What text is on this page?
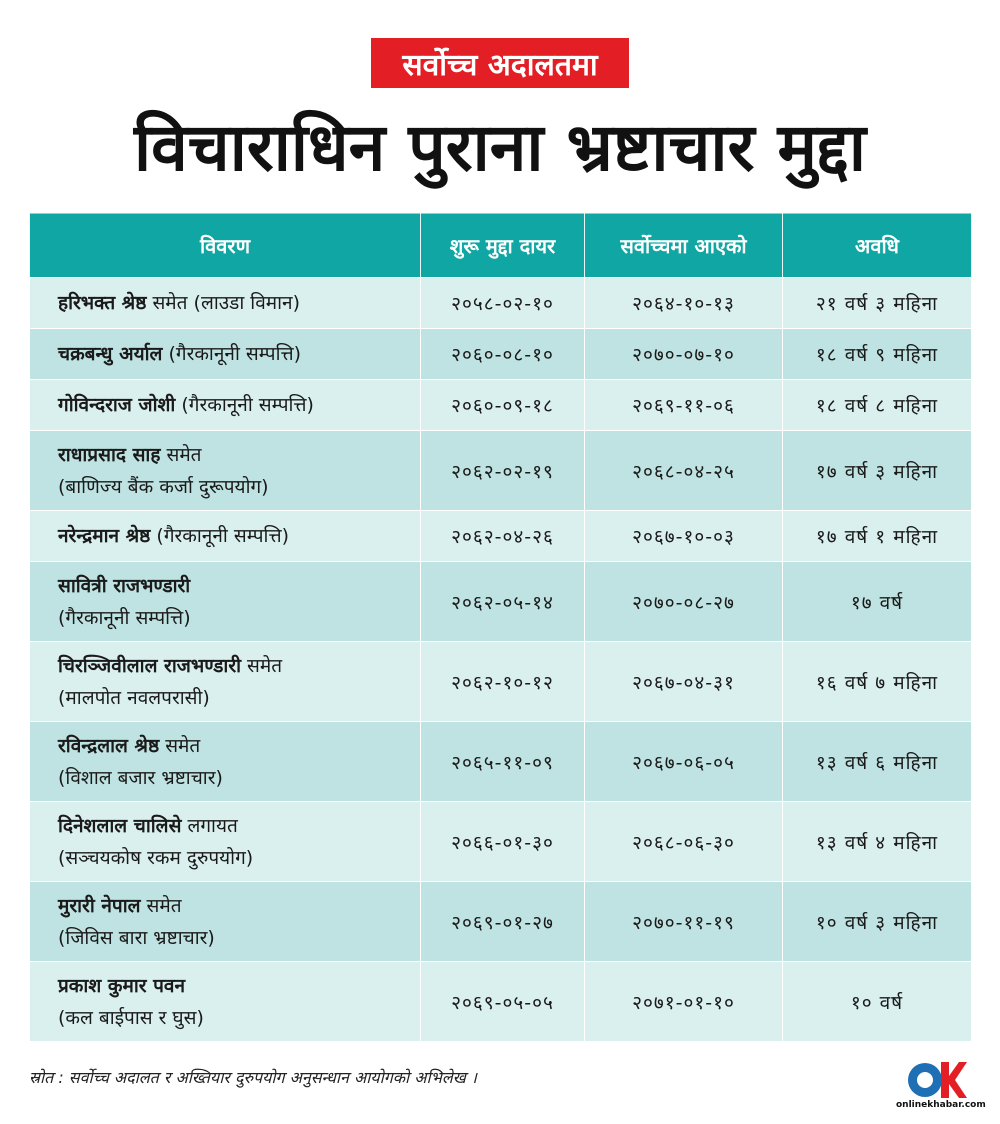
सर्वोच्च अदालतमा
विचाराधिन पुराना भ्रष्टाचार मुद्दा
विवरण	शुरू मुद्दा दायर	सर्वोच्चमा आएको	अवधि
हरिभक्त श्रेष्ठ समेत (लाउडा विमान)	२०५८-०२-१०	२०६४-१०-१३	२१ वर्ष ३ महिना
चक्रबन्धु अर्याल (गैरकानूनी सम्पत्ति)	२०६०-०८-१०	२०७०-०७-१०	१८ वर्ष ९ महिना
गोविन्दराज जोशी (गैरकानूनी सम्पत्ति)	२०६०-०९-१८	२०६९-११-०६	१८ वर्ष ८ महिना
राधाप्रसाद साह समेत
(बाणिज्य बैंक कर्जा दुरूपयोग)	२०६२-०२-१९	२०६८-०४-२५	१७ वर्ष ३ महिना
नरेन्द्रमान श्रेष्ठ (गैरकानूनी सम्पत्ति)	२०६२-०४-२६	२०६७-१०-०३	१७ वर्ष १ महिना
सावित्री राजभण्डारी
(गैरकानूनी सम्पत्ति)	२०६२-०५-१४	२०७०-०८-२७	१७ वर्ष
चिरञ्जिवीलाल राजभण्डारी समेत
(मालपोत नवलपरासी)	२०६२-१०-१२	२०६७-०४-३१	१६ वर्ष ७ महिना
रविन्द्रलाल श्रेष्ठ समेत
(विशाल बजार भ्रष्टाचार)	२०६५-११-०९	२०६७-०६-०५	१३ वर्ष ६ महिना
दिनेशलाल चालिसे लगायत
(सञ्चयकोष रकम दुरुपयोग)	२०६६-०१-३०	२०६८-०६-३०	१३ वर्ष ४ महिना
मुरारी नेपाल समेत
(जिविस बारा भ्रष्टाचार)	२०६९-०१-२७	२०७०-११-१९	१० वर्ष ३ महिना
प्रकाश कुमार पवन
(कल बाईपास र घुस)	२०६९-०५-०५	२०७१-०१-१०	१० वर्ष
स्रोत : सर्वोच्च अदालत र अख्तियार दुरुपयोग अनुसन्धान आयोगको अभिलेख ।
onlinekhabar.com
